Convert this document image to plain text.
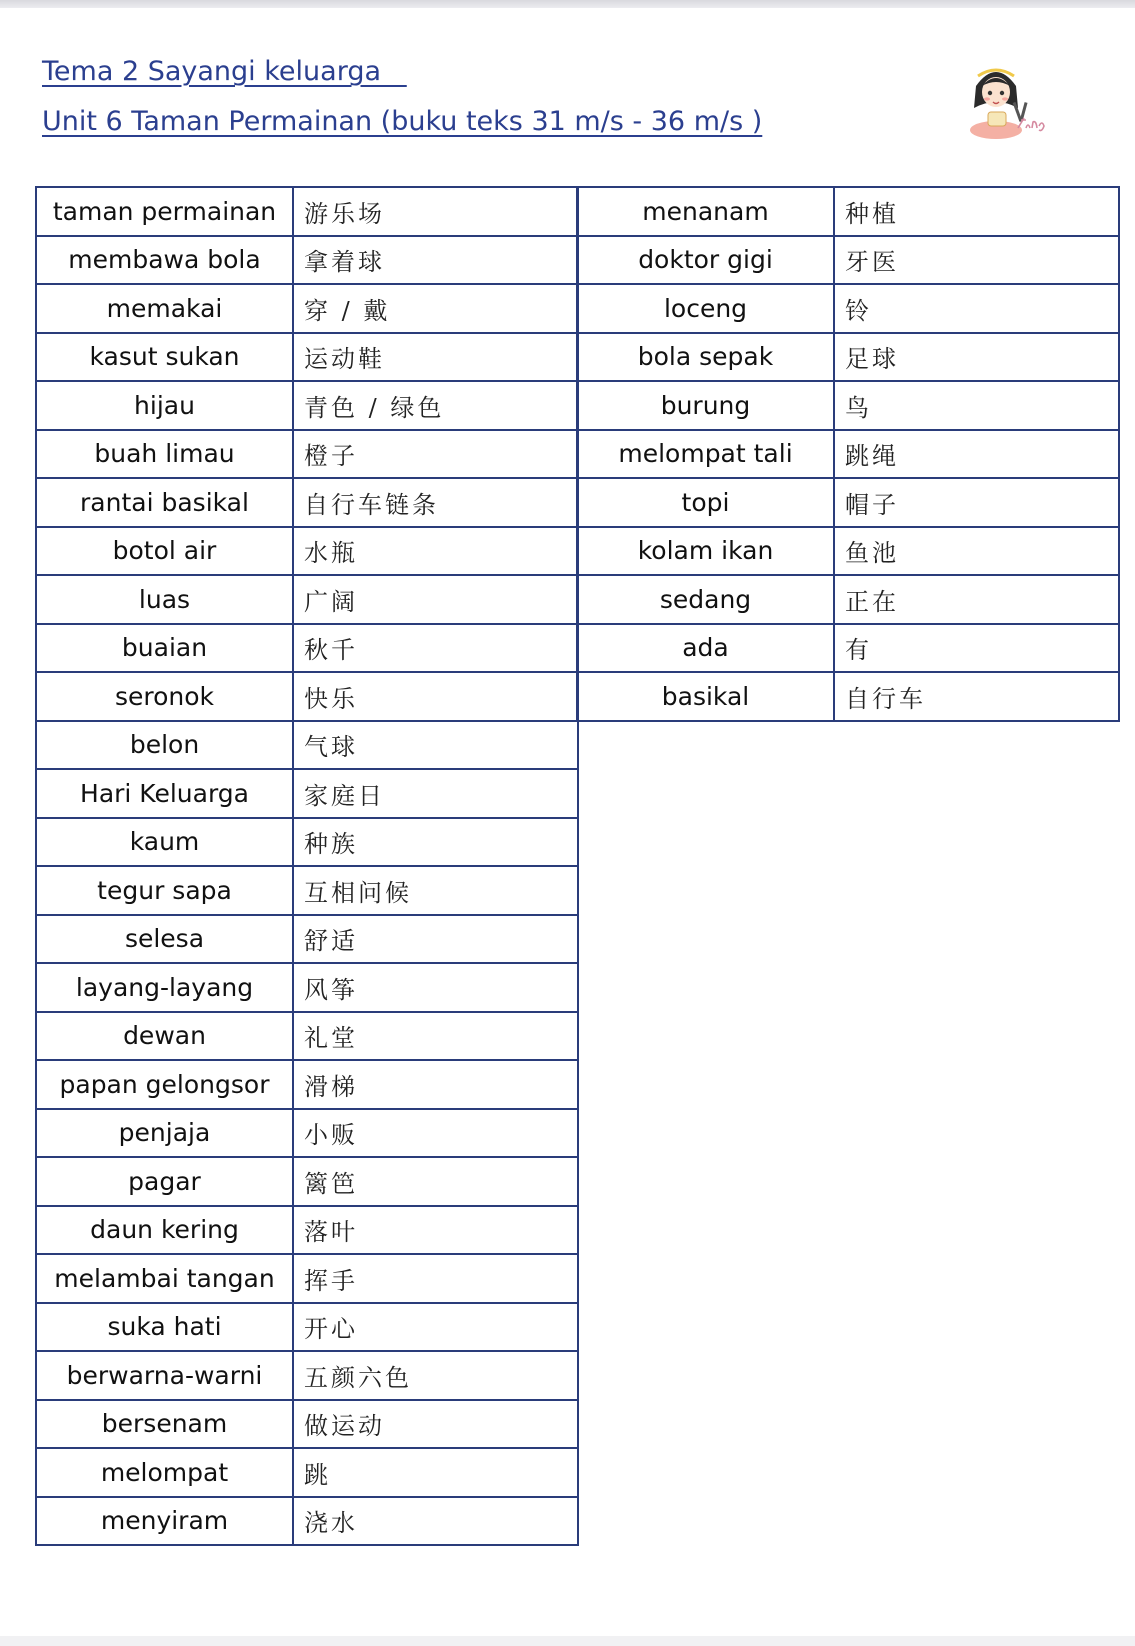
Tema 2 Sayangi keluarga
Unit 6 Taman Permainan (buku teks 31 m/s - 36 m/s )
taman permainan	游乐场
membawa bola	拿着球
memakai	穿 / 戴
kasut sukan	运动鞋
hijau	青色 / 绿色
buah limau	橙子
rantai basikal	自行车链条
botol air	水瓶
luas	广阔
buaian	秋千
seronok	快乐
belon	气球
Hari Keluarga	家庭日
kaum	种族
tegur sapa	互相问候
selesa	舒适
layang-layang	风筝
dewan	礼堂
papan gelongsor	滑梯
penjaja	小贩
pagar	篱笆
daun kering	落叶
melambai tangan	挥手
suka hati	开心
berwarna-warni	五颜六色
bersenam	做运动
melompat	跳
menyiram	浇水
menanam	种植
doktor gigi	牙医
loceng	铃
bola sepak	足球
burung	鸟
melompat tali	跳绳
topi	帽子
kolam ikan	鱼池
sedang	正在
ada	有
basikal	自行车
